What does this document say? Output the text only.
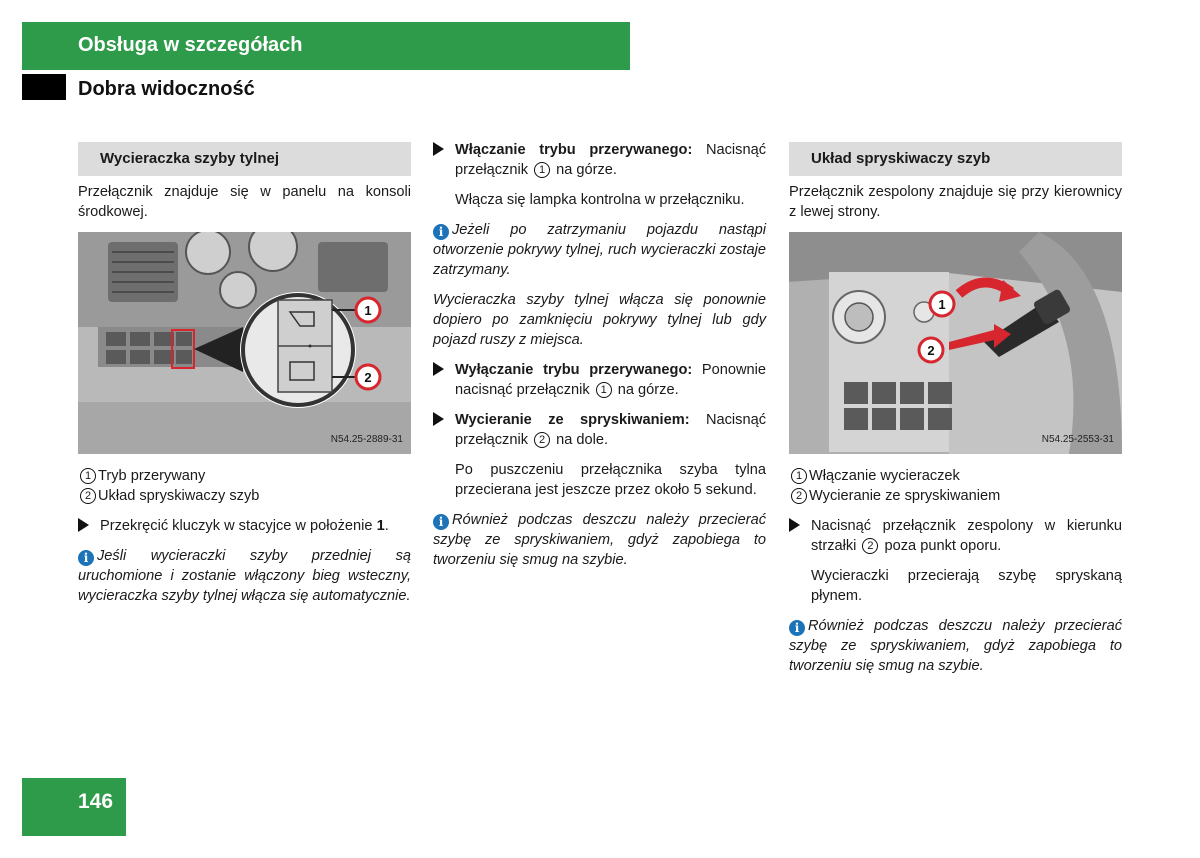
Obsługa w szczegółach
Dobra widoczność
Wycieraczka szyby tylnej

Przełącznik znajduje się w panelu na konsoli środkowej.

1
2
N54.25-2889-31
1 Tryb przerywany
2 Układ spryskiwaczy szyb
Przekręcić kluczyk w stacyjce w położenie 1.
i Jeśli wycieraczki szyby przedniej są uruchomione i zostanie włączony bieg wsteczny, wycieraczka szyby tylnej włącza się automatycznie.
Włączanie trybu przerywanego: Nacisnąć przełącznik 1 na górze.
Włącza się lampka kontrolna w przełączniku.
i Jeżeli po zatrzymaniu pojazdu nastąpi otworzenie pokrywy tylnej, ruch wycieraczki zostaje zatrzymany.
Wycieraczka szyby tylnej włącza się ponownie dopiero po zamknięciu pokrywy tylnej lub gdy pojazd ruszy z miejsca.
Wyłączanie trybu przerywanego: Ponownie nacisnąć przełącznik 1 na górze.
Wycieranie ze spryskiwaniem: Nacisnąć przełącznik 2 na dole.
Po puszczeniu przełącznika szyba tylna przecierana jest jeszcze przez około 5 sekund.
i Również podczas deszczu należy przecierać szybę ze spryskiwaniem, gdyż zapobiega to tworzeniu się smug na szybie.
Układ spryskiwaczy szyb

Przełącznik zespolony znajduje się przy kierownicy z lewej strony.

1
2
N54.25-2553-31
1 Włączanie wycieraczek
2 Wycieranie ze spryskiwaniem
Nacisnąć przełącznik zespolony w kierunku strzałki 2 poza punkt oporu.
Wycieraczki przecierają szybę spryskaną płynem.
i Również podczas deszczu należy przecierać szybę ze spryskiwaniem, gdyż zapobiega to tworzeniu się smug na szybie.
146
